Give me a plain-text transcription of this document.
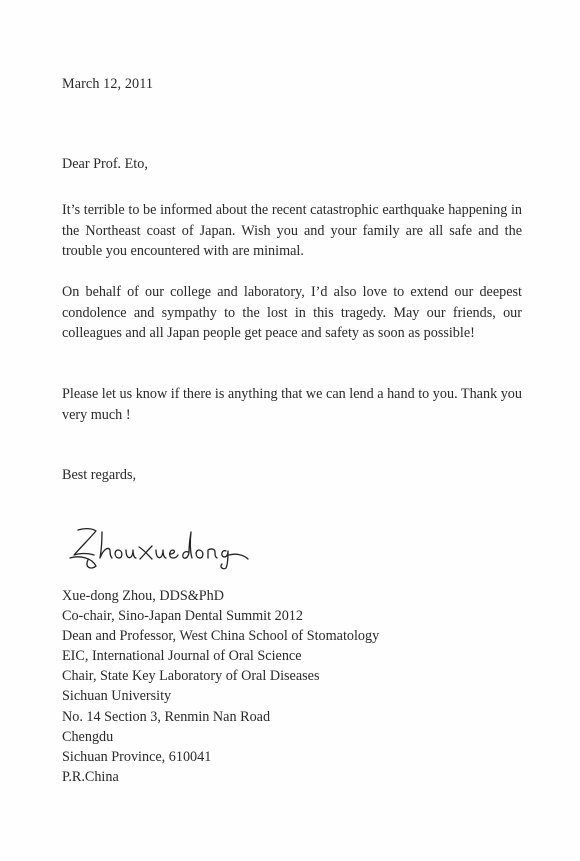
March 12, 2011
Dear Prof. Eto,

It’s terrible to be informed about the recent catastrophic earthquake happening in the Northeast coast of Japan. Wish you and your family are all safe and the trouble you encountered with are minimal.

On behalf of our college and laboratory, I’d also love to extend our deepest condolence and sympathy to the lost in this tragedy. May our friends, our colleagues and all Japan people get peace and safety as soon as possible!

Please let us know if there is anything that we can lend a hand to you. Thank you very much !

Best regards,
Xue-dong Zhou, DDS&PhD
Co-chair, Sino-Japan Dental Summit 2012
Dean and Professor, West China School of Stomatology
EIC, International Journal of Oral Science
Chair, State Key Laboratory of Oral Diseases
Sichuan University
No. 14 Section 3, Renmin Nan Road
Chengdu
Sichuan Province, 610041
P.R.China
